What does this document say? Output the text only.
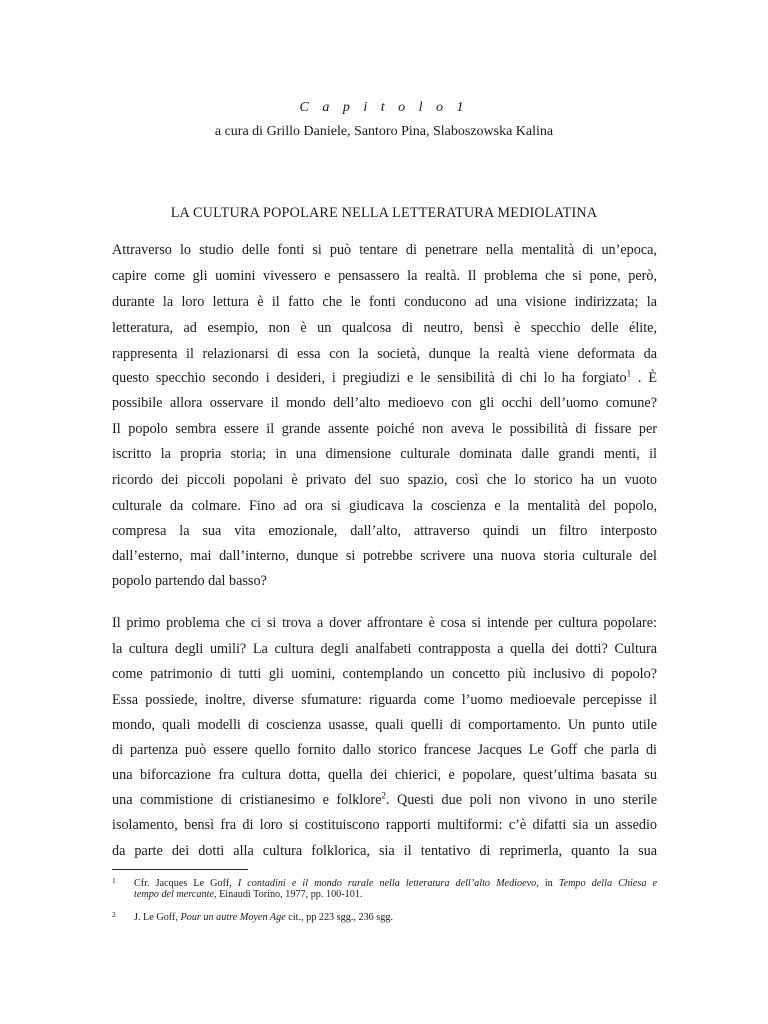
C a p i t o l o 1
a cura di Grillo Daniele, Santoro Pina, Slaboszowska Kalina
LA CULTURA POPOLARE NELLA LETTERATURA MEDIOLATINA
Attraverso lo studio delle fonti si può tentare di penetrare nella mentalità di un’epoca,
capire come gli uomini vivessero e pensassero la realtà. Il problema che si pone, però,
durante la loro lettura è il fatto che le fonti conducono ad una visione indirizzata; la
letteratura, ad esempio, non è un qualcosa di neutro, bensì è specchio delle élite,
rappresenta il relazionarsi di essa con la società, dunque la realtà viene deformata da
questo specchio secondo i desideri, i pregiudizi e le sensibilità di chi lo ha forgiato$^1$ . È
possibile allora osservare il mondo dell’alto medioevo con gli occhi dell’uomo comune?
Il popolo sembra essere il grande assente poiché non aveva le possibilità di fissare per
iscritto la propria storia; in una dimensione culturale dominata dalle grandi menti, il
ricordo dei piccoli popolani è privato del suo spazio, così che lo storico ha un vuoto
culturale da colmare. Fino ad ora si giudicava la coscienza e la mentalità del popolo,
compresa la sua vita emozionale, dall’alto, attraverso quindi un filtro interposto
dall’esterno, mai dall’interno, dunque si potrebbe scrivere una nuova storia culturale del
popolo partendo dal basso?
Il primo problema che ci si trova a dover affrontare è cosa si intende per cultura popolare:
la cultura degli umili? La cultura degli analfabeti contrapposta a quella dei dotti? Cultura
come patrimonio di tutti gli uomini, contemplando un concetto più inclusivo di popolo?
Essa possiede, inoltre, diverse sfumature: riguarda come l’uomo medioevale percepisse il
mondo, quali modelli di coscienza usasse, quali quelli di comportamento. Un punto utile
di partenza può essere quello fornito dallo storico francese Jacques Le Goff che parla di
una biforcazione fra cultura dotta, quella dei chierici, e popolare, quest’ultima basata su
una commistione di cristianesimo e folklore$^2$. Questi due poli non vivono in uno sterile
isolamento, bensì fra di loro si costituiscono rapporti multiformi: c’è difatti sia un assedio
da parte dei dotti alla cultura folklorica, sia il tentativo di reprimerla, quanto la sua
1 Cfr. Jacques Le Goff, I contadini e il mondo rurale nella letteratura dell’alto Medioevo, in Tempo della Chiesa e
tempo del mercante, Einaudi Torino, 1977, pp. 100-101.
2 J. Le Goff, Pour un autre Moyen Age cit., pp 223 sgg., 236 sgg.
